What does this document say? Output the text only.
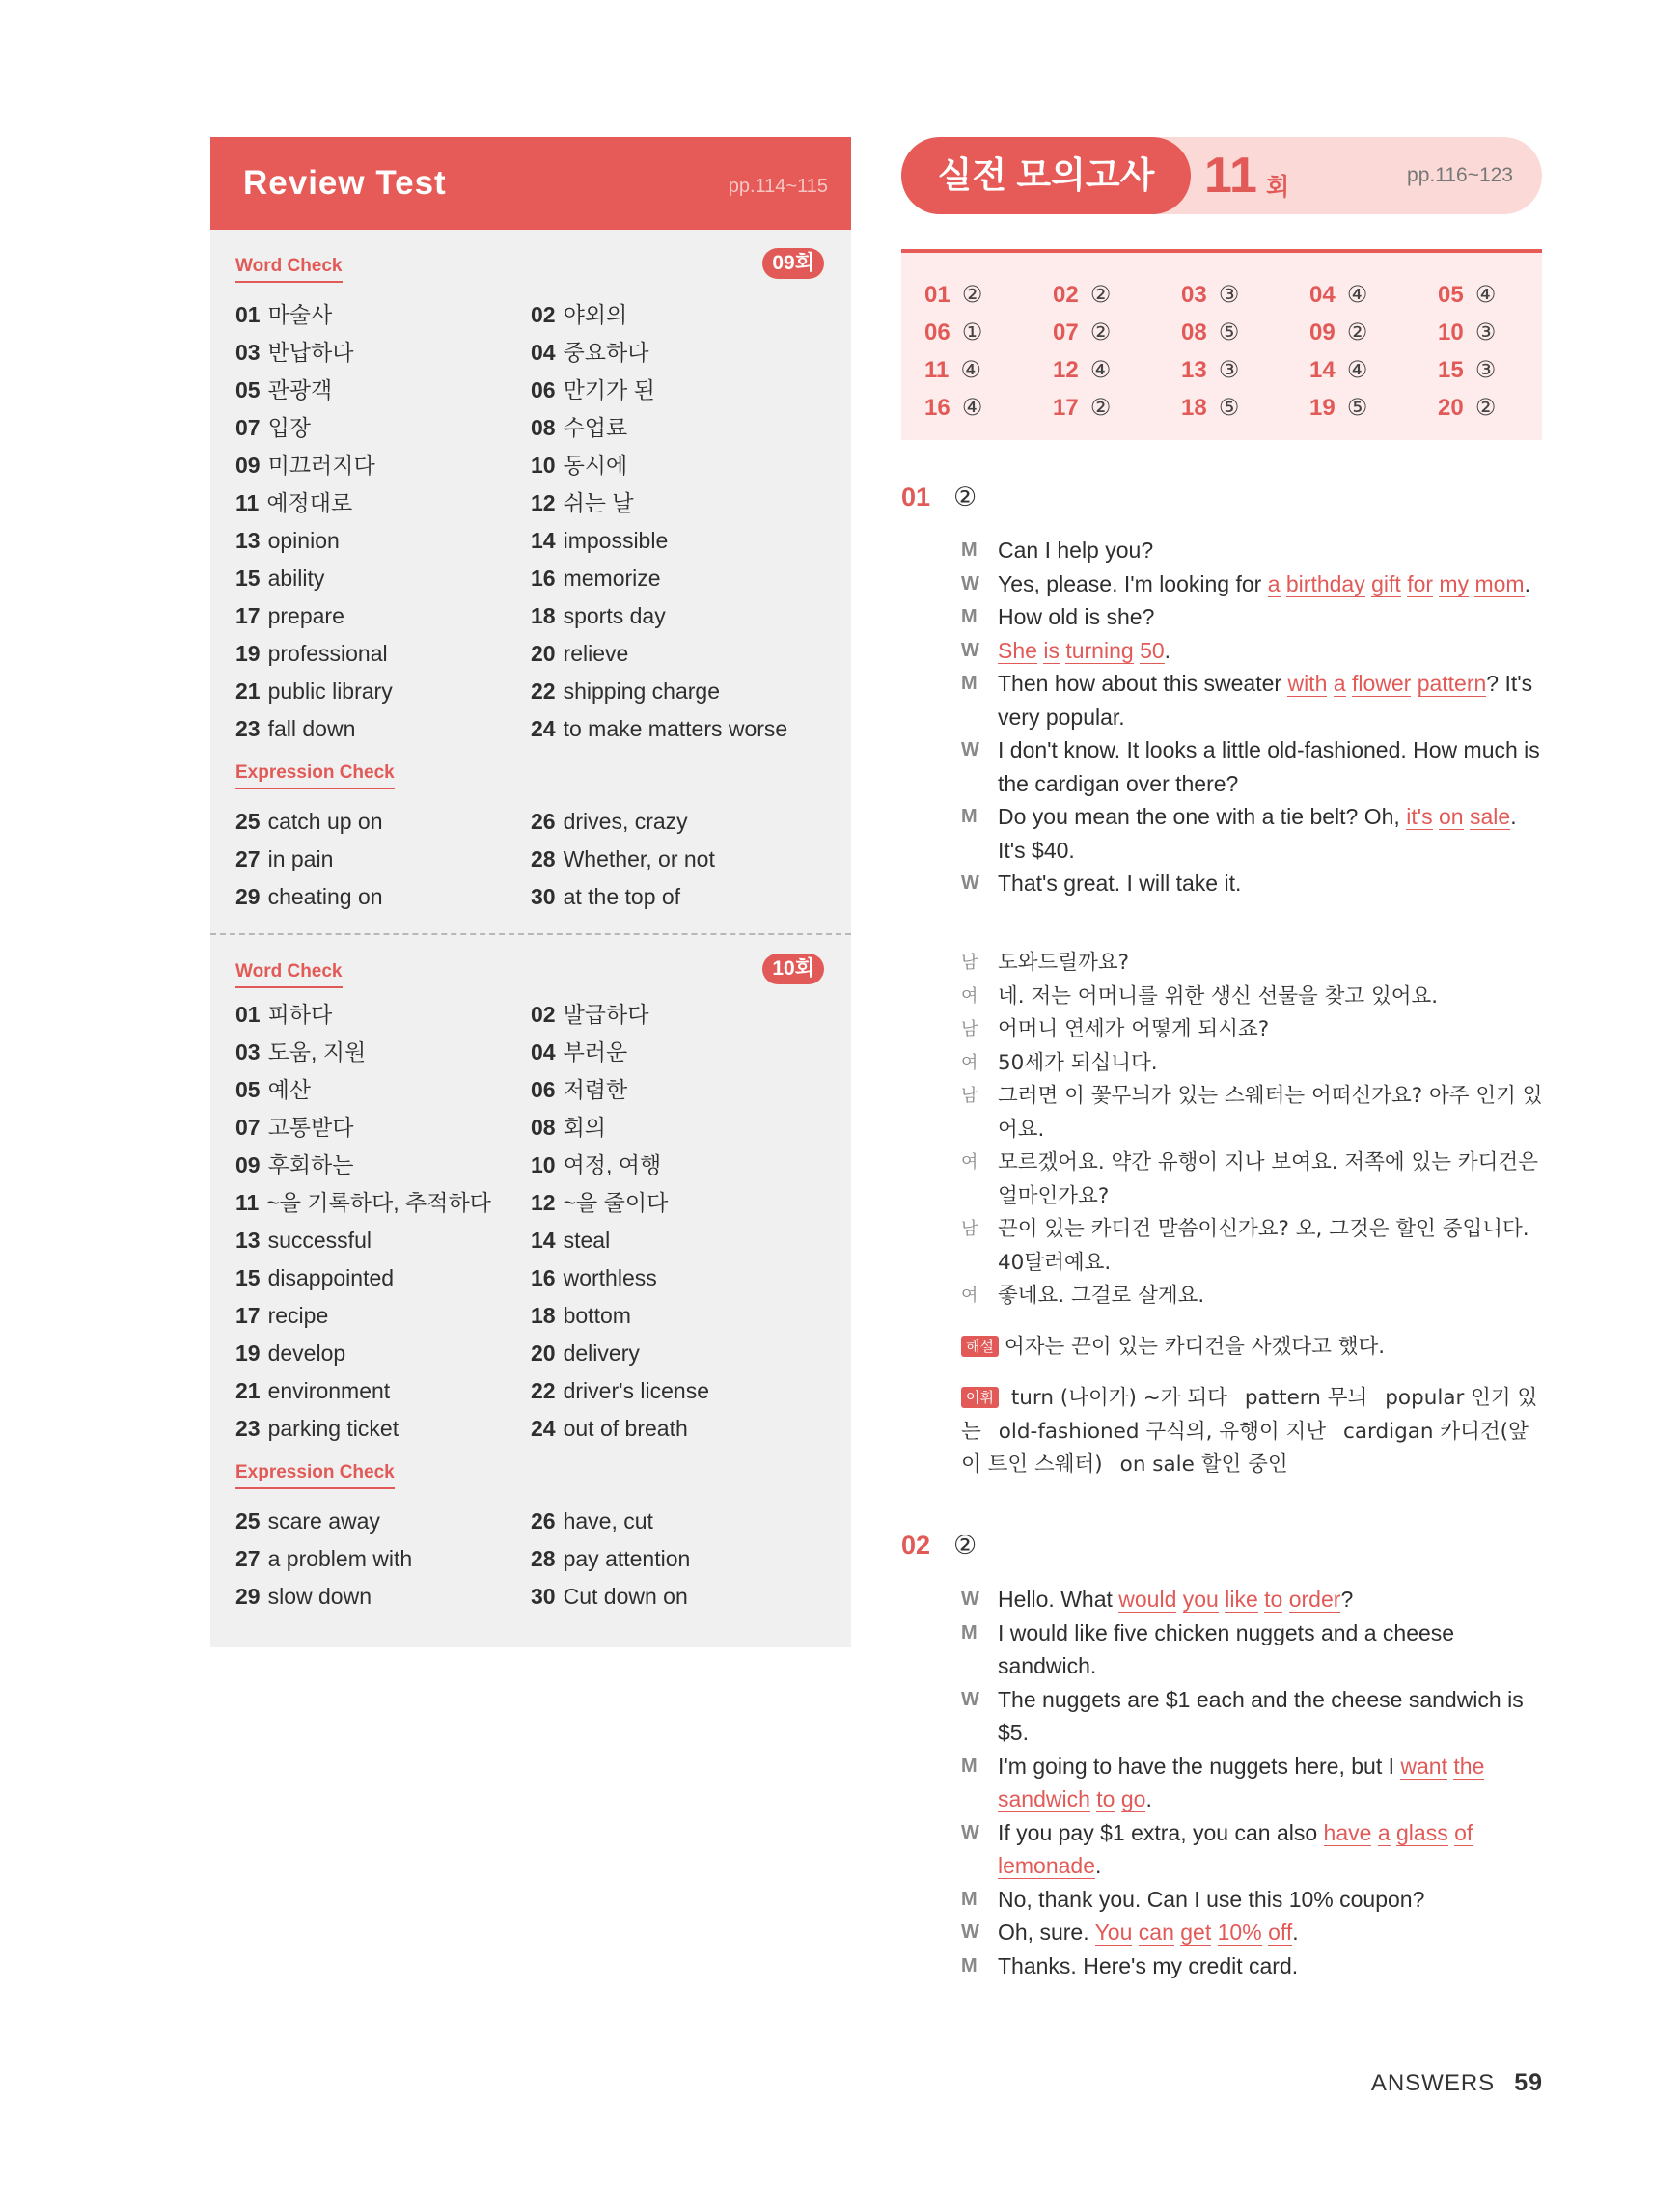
Review Test	pp.114~115
Word Check	09회
01 마술사	02 야외의
03 반납하다	04 중요하다
05 관광객	06 만기가 된
07 입장	08 수업료
09 미끄러지다	10 동시에
11 예정대로	12 쉬는 날
13 opinion	14 impossible
15 ability	16 memorize
17 prepare	18 sports day
19 professional	20 relieve
21 public library	22 shipping charge
23 fall down	24 to make matters worse
Expression Check
25 catch up on	26 drives, crazy
27 in pain	28 Whether, or not
29 cheating on	30 at the top of
Word Check	10회
01 피하다	02 발급하다
03 도움, 지원	04 부러운
05 예산	06 저렴한
07 고통받다	08 회의
09 후회하는	10 여정, 여행
11 ~을 기록하다, 추적하다	12 ~을 줄이다
13 successful	14 steal
15 disappointed	16 worthless
17 recipe	18 bottom
19 develop	20 delivery
21 environment	22 driver's license
23 parking ticket	24 out of breath
Expression Check
25 scare away	26 have, cut
27 a problem with	28 pay attention
29 slow down	30 Cut down on
실전 모의고사 11 회	pp.116~123
01 ②	02 ②	03 ③	04 ④	05 ④
06 ①	07 ②	08 ⑤	09 ②	10 ③
11 ④	12 ④	13 ③	14 ④	15 ③
16 ④	17 ②	18 ⑤	19 ⑤	20 ②
01 ②
M Can I help you?
W Yes, please. I'm looking for a birthday gift for my mom.
M How old is she?
W She is turning 50.
M Then how about this sweater with a flower pattern? It's very popular.
W I don't know. It looks a little old-fashioned. How much is the cardigan over there?
M Do you mean the one with a tie belt? Oh, it's on sale. It's $40.
W That's great. I will take it.
남 도와드릴까요?
여 네. 저는 어머니를 위한 생신 선물을 찾고 있어요.
남 어머니 연세가 어떻게 되시죠?
여 50세가 되십니다.
남 그러면 이 꽃무늬가 있는 스웨터는 어떠신가요? 아주 인기 있어요.
여 모르겠어요. 약간 유행이 지나 보여요. 저쪽에 있는 카디건은 얼마인가요?
남 끈이 있는 카디건 말씀이신가요? 오, 그것은 할인 중입니다. 40달러예요.
여 좋네요. 그걸로 살게요.
해설 여자는 끈이 있는 카디건을 사겠다고 했다.
어휘 turn (나이가) ~가 되다 pattern 무늬 popular 인기 있는 old-fashioned 구식의, 유행이 지난 cardigan 카디건(앞이 트인 스웨터) on sale 할인 중인
02 ②
W Hello. What would you like to order?
M I would like five chicken nuggets and a cheese sandwich.
W The nuggets are $1 each and the cheese sandwich is $5.
M I'm going to have the nuggets here, but I want the sandwich to go.
W If you pay $1 extra, you can also have a glass of lemonade.
M No, thank you. Can I use this 10% coupon?
W Oh, sure. You can get 10% off.
M Thanks. Here's my credit card.
ANSWERS 59
